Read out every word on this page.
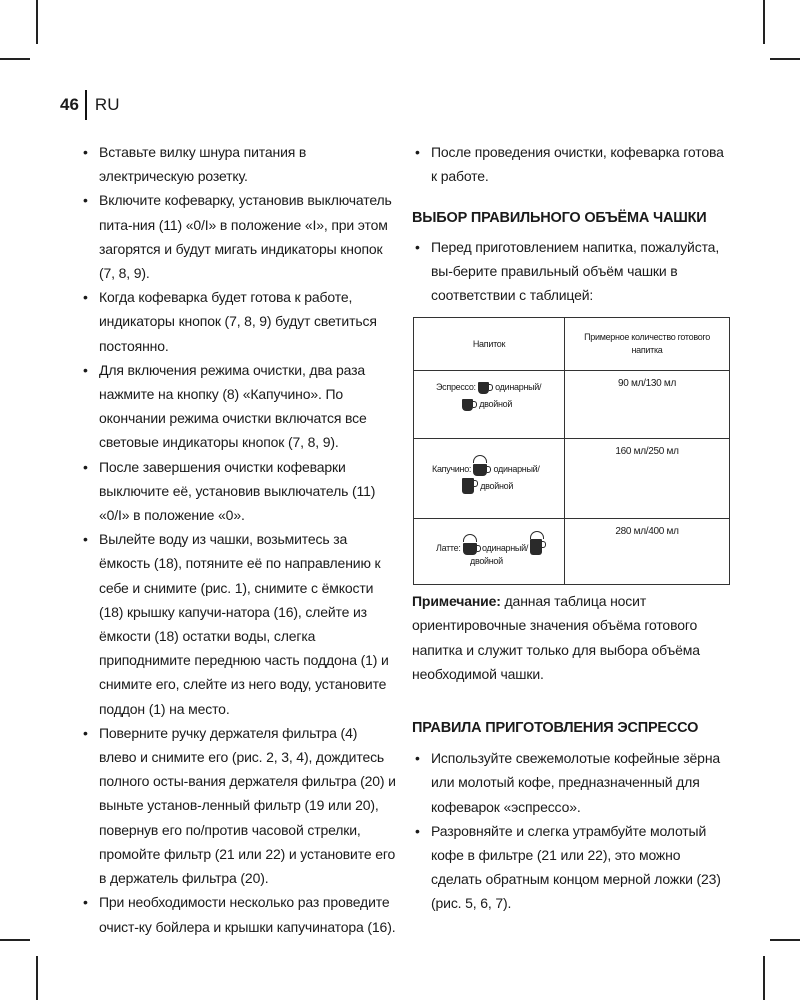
46 RU
• Вставьте вилку шнура питания в электрическую розетку.
• Включите кофеварку, установив выключатель пита-ния (11) «0/I» в положение «I», при этом загорятся и будут мигать индикаторы кнопок (7, 8, 9).
• Когда кофеварка будет готова к работе, индикаторы кнопок (7, 8, 9) будут светиться постоянно.
• Для включения режима очистки, два раза нажмите на кнопку (8) «Капучино». По окончании режима очистки включатся все световые индикаторы кнопок (7, 8, 9).
• После завершения очистки кофеварки выключите её, установив выключатель (11) «0/I» в положение «0».
• Вылейте воду из чашки, возьмитесь за ёмкость (18), потяните её по направлению к себе и снимите (рис. 1), снимите с ёмкости (18) крышку капучи-натора (16), слейте из ёмкости (18) остатки воды, слегка приподнимите переднюю часть поддона (1) и снимите его, слейте из него воду, установите поддон (1) на место.
• Поверните ручку держателя фильтра (4) влево и снимите его (рис. 2, 3, 4), дождитесь полного осты-вания держателя фильтра (20) и выньте установ-ленный фильтр (19 или 20), повернув его по/против часовой стрелки, промойте фильтр (21 или 22) и установите его в держатель фильтра (20).
• При необходимости несколько раз проведите очист-ку бойлера и крышки капучинатора (16).
• После проведения очистки, кофеварка готова к работе.
ВЫБОР ПРАВИЛЬНОГО ОБЪЁМА ЧАШКИ
• Перед приготовлением напитка, пожалуйста, вы-берите правильный объём чашки в соответствии с таблицей:
Напиток	Примерное количество готового напитка

Эспрессо: одинарный/
двойной	90 мл/130 мл

Капучино: одинарный/
двойной	160 мл/250 мл

Латте: одинарный/
двойной	280 мл/400 мл

Примечание: данная таблица носит ориентировочные значения объёма готового напитка и служит только для выбора объёма необходимой чашки.

ПРАВИЛА ПРИГОТОВЛЕНИЯ ЭСПРЕССО
• Используйте свежемолотые кофейные зёрна или молотый кофе, предназначенный для кофеварок «эспрессо».
• Разровняйте и слегка утрамбуйте молотый кофе в фильтре (21 или 22), это можно сделать обратным концом мерной ложки (23) (рис. 5, 6, 7).
